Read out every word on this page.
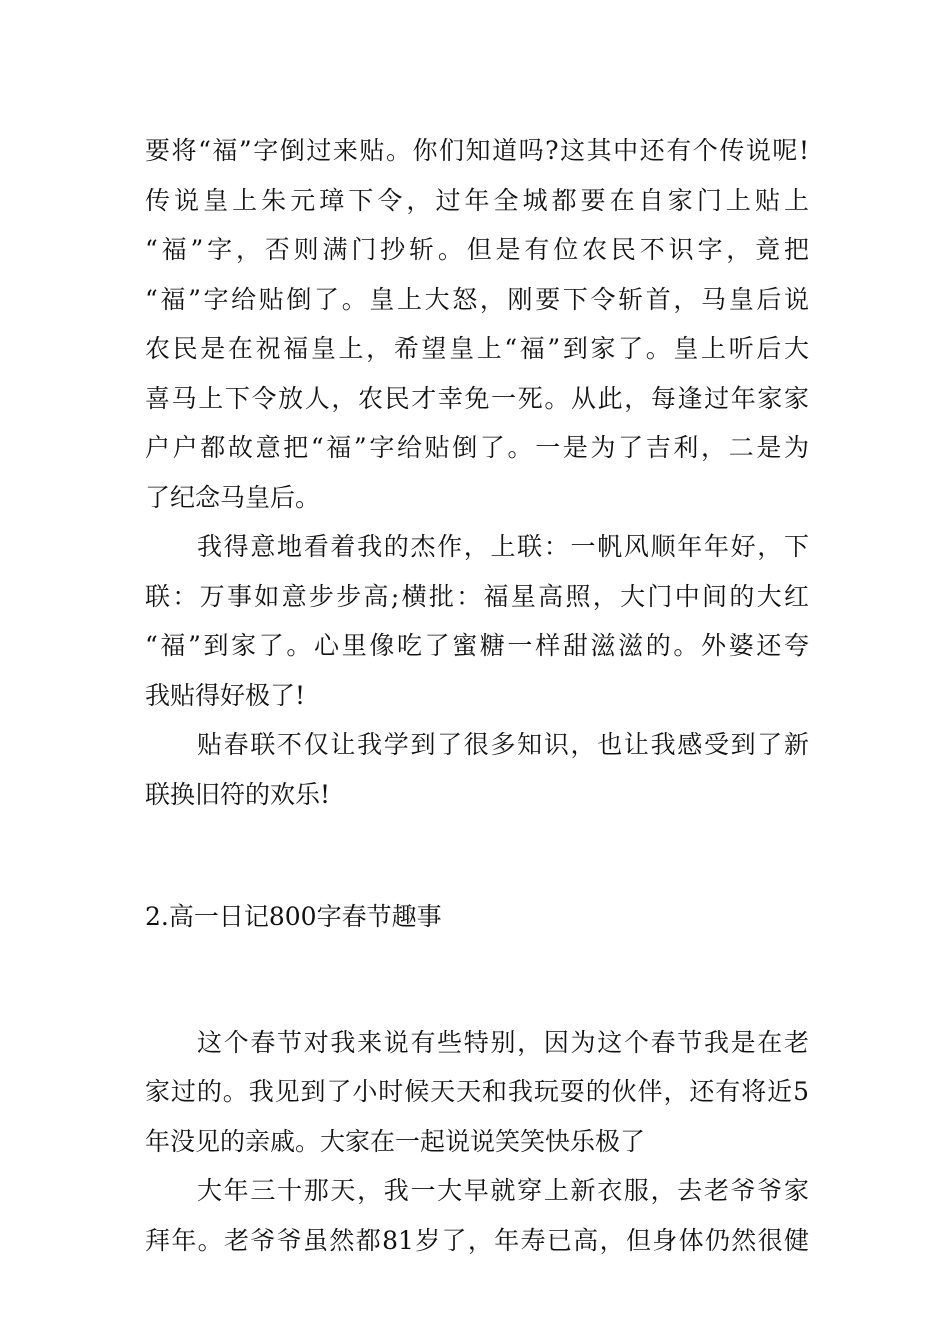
要将“福”字倒过来贴。你们知道吗?这其中还有个传说呢!
传说皇上朱元璋下令，过年全城都要在自家门上贴上
“福”字，否则满门抄斩。但是有位农民不识字，竟把
“福”字给贴倒了。皇上大怒，刚要下令斩首，马皇后说
农民是在祝福皇上，希望皇上“福”到家了。皇上听后大
喜马上下令放人，农民才幸免一死。从此，每逢过年家家
户户都故意把“福”字给贴倒了。一是为了吉利，二是为
了纪念马皇后。
我得意地看着我的杰作，上联：一帆风顺年年好，下
联：万事如意步步高;横批：福星高照，大门中间的大红
“福”到家了。心里像吃了蜜糖一样甜滋滋的。外婆还夸
我贴得好极了!
贴春联不仅让我学到了很多知识，也让我感受到了新
联换旧符的欢乐!
2.高一日记800字春节趣事
这个春节对我来说有些特别，因为这个春节我是在老
家过的。我见到了小时候天天和我玩耍的伙伴，还有将近5
年没见的亲戚。大家在一起说说笑笑快乐极了
大年三十那天，我一大早就穿上新衣服，去老爷爷家
拜年。老爷爷虽然都81岁了，年寿已高，但身体仍然很健
